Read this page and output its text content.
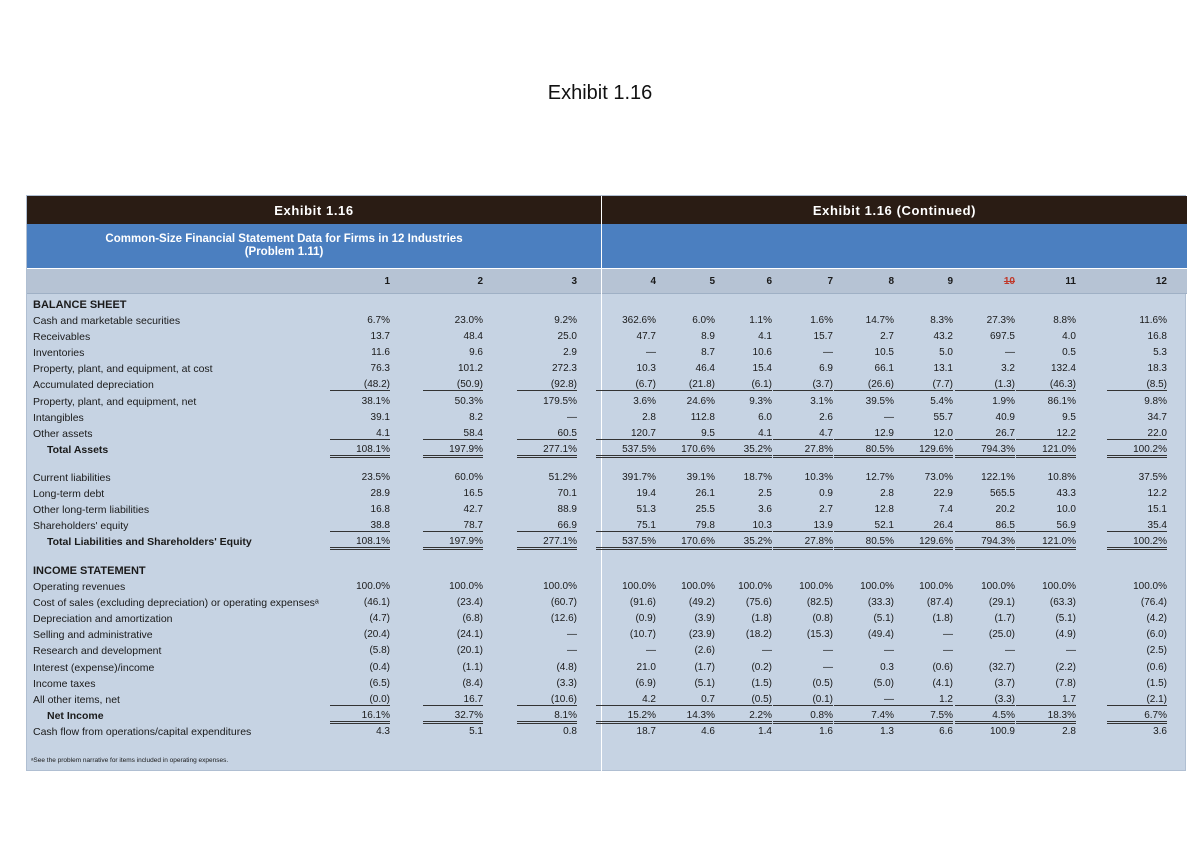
Exhibit 1.16
Exhibit 1.16	Exhibit 1.16 (Continued)
Common-Size Financial Statement Data for Firms in 12 Industries
(Problem 1.11)
1	2	3	4	5	6	7	8	9	10	11	12
BALANCE SHEET
Cash and marketable securities	6.7%	23.0%	9.2%	362.6%	6.0%	1.1%	1.6%	14.7%	8.3%	27.3%	8.8%	11.6%
Receivables	13.7	48.4	25.0	47.7	8.9	4.1	15.7	2.7	43.2	697.5	4.0	16.8
Inventories	11.6	9.6	2.9	—	8.7	10.6	—	10.5	5.0	—	0.5	5.3
Property, plant, and equipment, at cost	76.3	101.2	272.3	10.3	46.4	15.4	6.9	66.1	13.1	3.2	132.4	18.3
Accumulated depreciation	(48.2)	(50.9)	(92.8)	(6.7)	(21.8)	(6.1)	(3.7)	(26.6)	(7.7)	(1.3)	(46.3)	(8.5)
Property, plant, and equipment, net	38.1%	50.3%	179.5%	3.6%	24.6%	9.3%	3.1%	39.5%	5.4%	1.9%	86.1%	9.8%
Intangibles	39.1	8.2	—	2.8	112.8	6.0	2.6	—	55.7	40.9	9.5	34.7
Other assets	4.1	58.4	60.5	120.7	9.5	4.1	4.7	12.9	12.0	26.7	12.2	22.0
Total Assets	108.1%	197.9%	277.1%	537.5%	170.6%	35.2%	27.8%	80.5%	129.6%	794.3%	121.0%	100.2%
Current liabilities	23.5%	60.0%	51.2%	391.7%	39.1%	18.7%	10.3%	12.7%	73.0%	122.1%	10.8%	37.5%
Long-term debt	28.9	16.5	70.1	19.4	26.1	2.5	0.9	2.8	22.9	565.5	43.3	12.2
Other long-term liabilities	16.8	42.7	88.9	51.3	25.5	3.6	2.7	12.8	7.4	20.2	10.0	15.1
Shareholders' equity	38.8	78.7	66.9	75.1	79.8	10.3	13.9	52.1	26.4	86.5	56.9	35.4
Total Liabilities and Shareholders' Equity	108.1%	197.9%	277.1%	537.5%	170.6%	35.2%	27.8%	80.5%	129.6%	794.3%	121.0%	100.2%
INCOME STATEMENT
Operating revenues	100.0%	100.0%	100.0%	100.0%	100.0%	100.0%	100.0%	100.0%	100.0%	100.0%	100.0%	100.0%
Cost of sales (excluding depreciation) or operating expensesᵃ	(46.1)	(23.4)	(60.7)	(91.6)	(49.2)	(75.6)	(82.5)	(33.3)	(87.4)	(29.1)	(63.3)	(76.4)
Depreciation and amortization	(4.7)	(6.8)	(12.6)	(0.9)	(3.9)	(1.8)	(0.8)	(5.1)	(1.8)	(1.7)	(5.1)	(4.2)
Selling and administrative	(20.4)	(24.1)	—	(10.7)	(23.9)	(18.2)	(15.3)	(49.4)	—	(25.0)	(4.9)	(6.0)
Research and development	(5.8)	(20.1)	—	—	(2.6)	—	—	—	—	—	—	(2.5)
Interest (expense)/income	(0.4)	(1.1)	(4.8)	21.0	(1.7)	(0.2)	—	0.3	(0.6)	(32.7)	(2.2)	(0.6)
Income taxes	(6.5)	(8.4)	(3.3)	(6.9)	(5.1)	(1.5)	(0.5)	(5.0)	(4.1)	(3.7)	(7.8)	(1.5)
All other items, net	(0.0)	16.7	(10.6)	4.2	0.7	(0.5)	(0.1)	—	1.2	(3.3)	1.7	(2.1)
Net Income	16.1%	32.7%	8.1%	15.2%	14.3%	2.2%	0.8%	7.4%	7.5%	4.5%	18.3%	6.7%
Cash flow from operations/capital expenditures	4.3	5.1	0.8	18.7	4.6	1.4	1.6	1.3	6.6	100.9	2.8	3.6
ᵃSee the problem narrative for items included in operating expenses.
